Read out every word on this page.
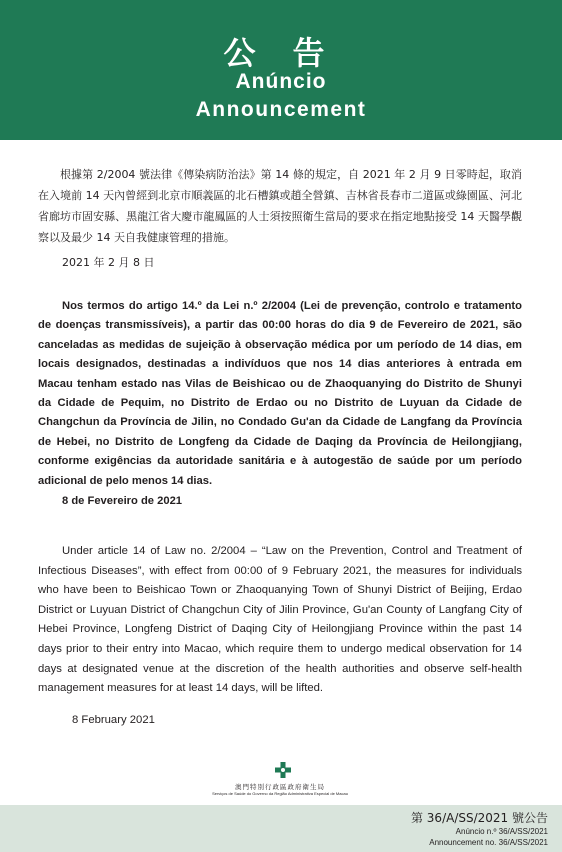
公 告
Anúncio
Announcement
根據第 2/2004 號法律《傳染病防治法》第 14 條的規定，自 2021 年 2 月 9 日零時起，取消在入境前 14 天內曾經到北京市順義區的北石槽鎮或趙全營鎮、吉林省長春市二道區或綠園區、河北省廊坊市固安縣、黑龍江省大慶市龍鳳區的人士須按照衛生當局的要求在指定地點接受 14 天醫學觀察以及最少 14 天自我健康管理的措施。
2021 年 2 月 8 日
Nos termos do artigo 14.º da Lei n.º 2/2004 (Lei de prevenção, controlo e tratamento de doenças transmissíveis), a partir das 00:00 horas do dia 9 de Fevereiro de 2021, são canceladas as medidas de sujeição à observação médica por um período de 14 dias, em locais designados, destinadas a indivíduos que nos 14 dias anteriores à entrada em Macau tenham estado nas Vilas de Beishicao ou de Zhaoquanying do Distrito de Shunyi da Cidade de Pequim, no Distrito de Erdao ou no Distrito de Luyuan da Cidade de Changchun da Província de Jilin, no Condado Gu'an da Cidade de Langfang da Província de Hebei, no Distrito de Longfeng da Cidade de Daqing da Província de Heilongjiang, conforme exigências da autoridade sanitária e à autogestão de saúde por um período adicional de pelo menos 14 dias.
8 de Fevereiro de 2021
Under article 14 of Law no. 2/2004 – “Law on the Prevention, Control and Treatment of Infectious Diseases”, with effect from 00:00 of 9 February 2021, the measures for individuals who have been to Beishicao Town or Zhaoquanying Town of Shunyi District of Beijing, Erdao District or Luyuan District of Changchun City of Jilin Province, Gu'an County of Langfang City of Hebei Province, Longfeng District of Daqing City of Heilongjiang Province within the past 14 days prior to their entry into Macao, which require them to undergo medical observation for 14 days at designated venue at the discretion of the health authorities and observe self-health management measures for at least 14 days, will be lifted.
8 February 2021
澳門特別行政區政府衛生局
Serviços de Saúde do Governo da Região Administrativa Especial de Macau
第 36/A/SS/2021 號公告
Anúncio n.º 36/A/SS/2021
Announcement no. 36/A/SS/2021
